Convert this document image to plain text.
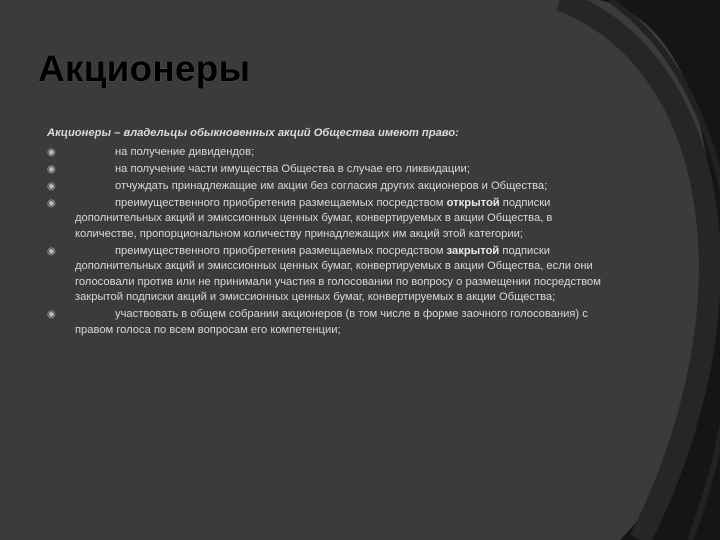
Акционеры

Акционеры – владельцы обыкновенных акций Общества имеют право:

◉	на получение дивидендов;
◉	на получение части имущества Общества в случае его ликвидации;
◉	отчуждать принадлежащие им акции без согласия других акционеров и Общества;
◉	преимущественного приобретения размещаемых посредством открытой подписки дополнительных акций и эмиссионных ценных бумаг, конвертируемых в акции Общества, в количестве, пропорциональном количеству принадлежащих им акций этой категории;
◉	преимущественного приобретения размещаемых посредством закрытой подписки дополнительных акций и эмиссионных ценных бумаг, конвертируемых в акции Общества, если они голосовали против или не принимали участия в голосовании по вопросу о размещении посредством закрытой подписки акций и эмиссионных ценных бумаг, конвертируемых в акции Общества;
◉	участвовать в общем собрании акционеров (в том числе в форме заочного голосования) с правом голоса по всем вопросам его компетенции;
